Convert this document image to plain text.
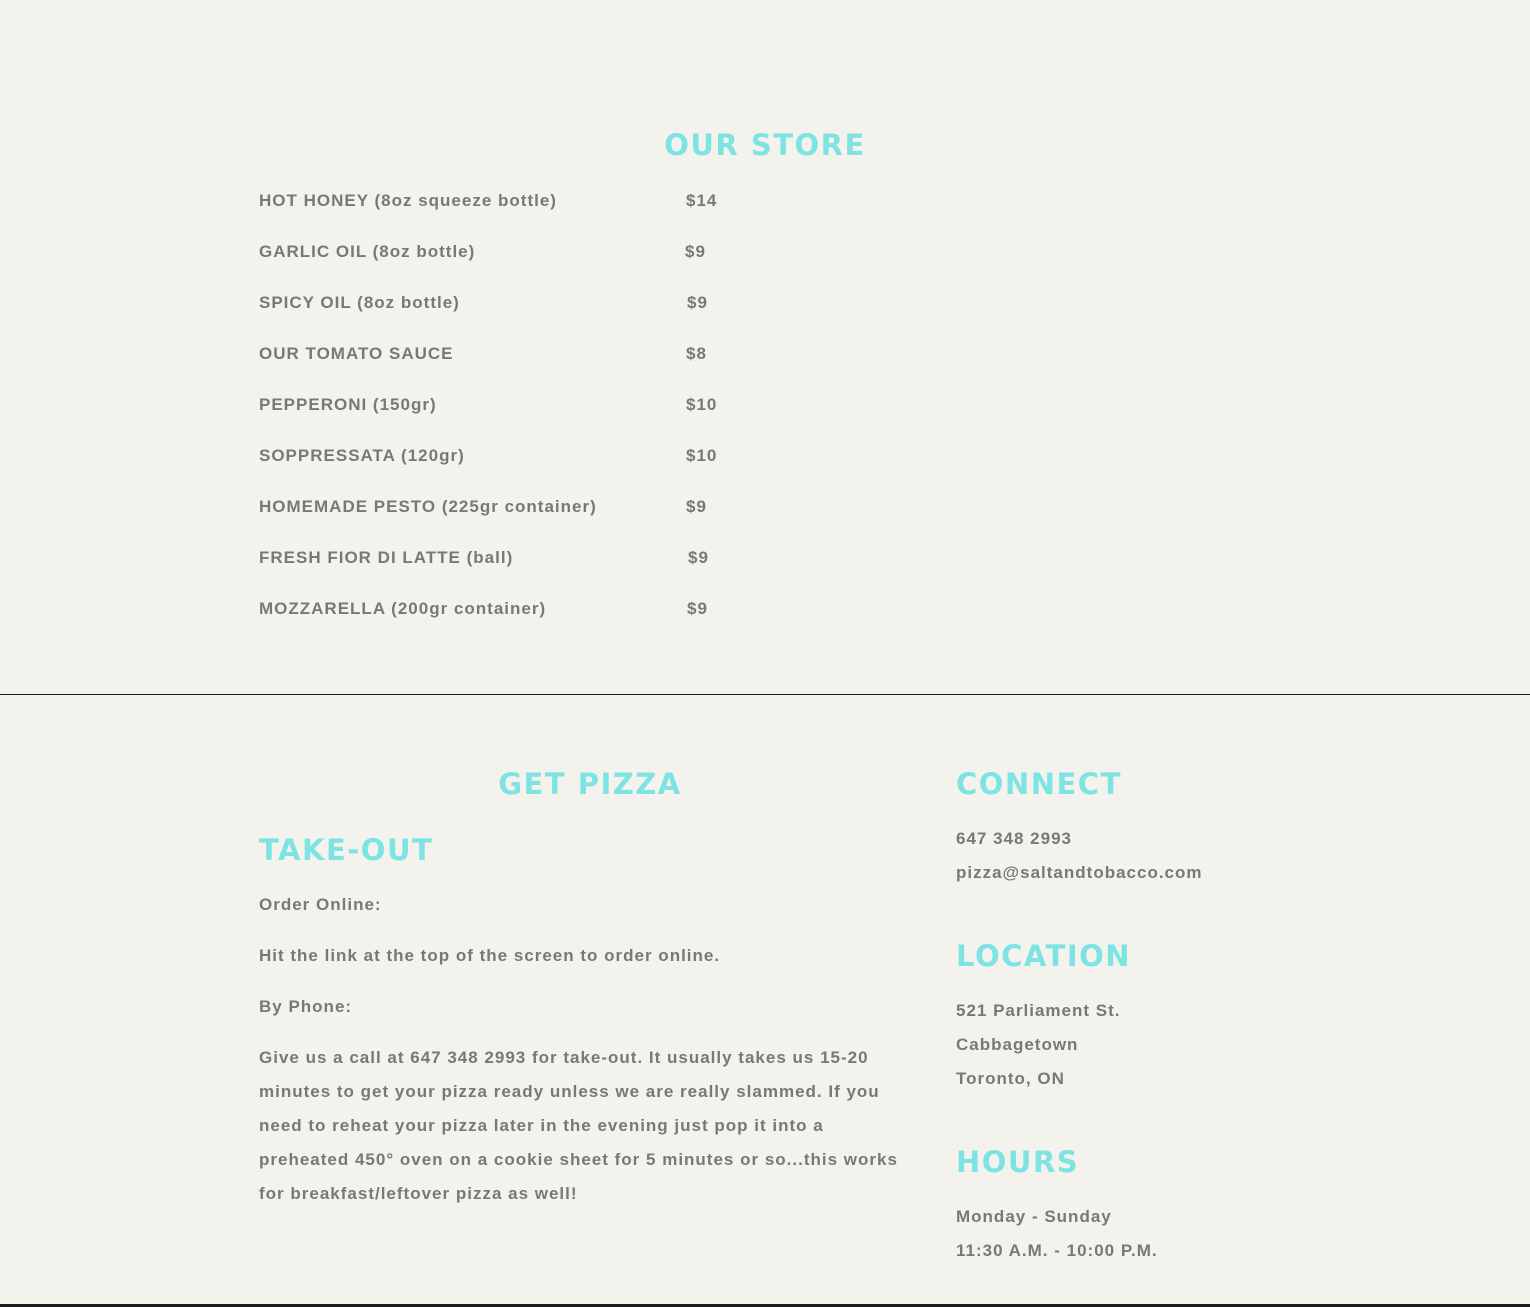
OUR STORE
HOT HONEY (8oz squeeze bottle)	$14
GARLIC OIL (8oz bottle)	$9
SPICY OIL (8oz bottle)	$9
OUR TOMATO SAUCE	$8
PEPPERONI (150gr)	$10
SOPPRESSATA (120gr)	$10
HOMEMADE PESTO (225gr container)	$9
FRESH FIOR DI LATTE (ball)	$9
MOZZARELLA (200gr container)	$9
GET PIZZA
TAKE-OUT

Order Online:

Hit the link at the top of the screen to order online.

By Phone:

Give us a call at 647 348 2993 for take-out. It usually takes us 15-20 minutes to get your pizza ready unless we are really slammed. If you need to reheat your pizza later in the evening just pop it into a preheated 450° oven on a cookie sheet for 5 minutes or so...this works for breakfast/leftover pizza as well!

CONNECT

647 348 2993

pizza@saltandtobacco.com

LOCATION

521 Parliament St.

Cabbagetown

Toronto, ON

HOURS

Monday - Sunday

11:30 A.M. - 10:00 P.M.
